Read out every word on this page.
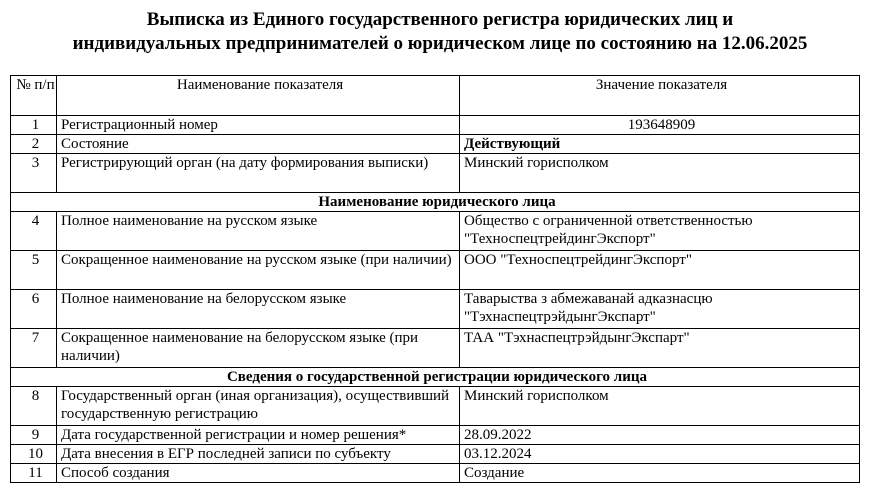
Выписка из Единого государственного регистра юридических лиц и
индивидуальных предпринимателей о юридическом лице по состоянию на 12.06.2025
№ п/п	Наименование показателя	Значение показателя
1	Регистрационный номер	193648909
2	Состояние	Действующий
3	Регистрирующий орган (на дату формирования выписки)	Минский горисполком
Наименование юридического лица		
4	Полное наименование на русском языке	Общество с ограниченной ответственностью "ТехноспецтрейдингЭкспорт"
5	Сокращенное наименование на русском языке (при наличии)	ООО "ТехноспецтрейдингЭкспорт"
6	Полное наименование на белорусском языке	Таварыства з абмежаванай адказнасцю "ТэхнаспецтрэйдынгЭкспарт"
7	Сокращенное наименование на белорусском языке (при наличии)	ТАА "ТэхнаспецтрэйдынгЭкспарт"
Сведения о государственной регистрации юридического лица		
8	Государственный орган (иная организация), осуществивший государственную регистрацию	Минский горисполком
9	Дата государственной регистрации и номер решения*	28.09.2022
10	Дата внесения в ЕГР последней записи по субъекту	03.12.2024
11	Способ создания	Создание
